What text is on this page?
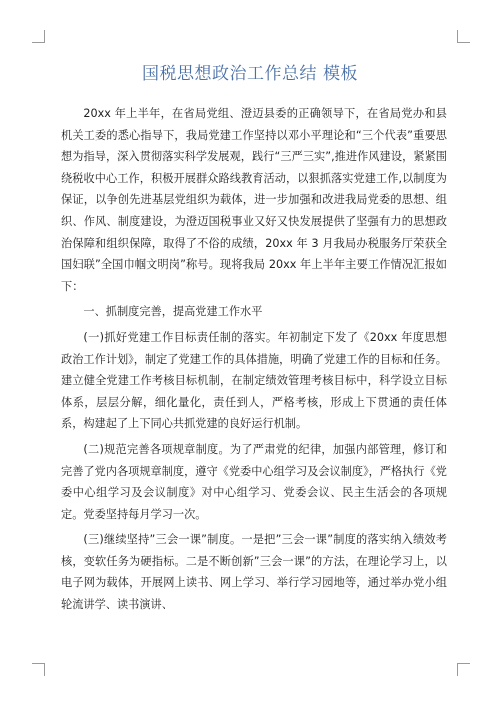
国税思想政治工作总结 模板

20xx 年上半年，在省局党组、澄迈县委的正确领导下，在省局党办和县机关工委的悉心指导下，我局党建工作坚持以邓小平理论和“三个代表”重要思想为指导，深入贯彻落实科学发展观，践行“三严三实”,推进作风建设，紧紧围绕税收中心工作，积极开展群众路线教育活动，以狠抓落实党建工作,以制度为保证，以争创先进基层党组织为载体，进一步加强和改进我局党委的思想、组织、作风、制度建设，为澄迈国税事业又好又快发展提供了坚强有力的思想政治保障和组织保障，取得了不俗的成绩，20xx 年 3 月我局办税服务厅荣获全国妇联”全国巾帼文明岗”称号。现将我局 20xx 年上半年主要工作情况汇报如下：

一、抓制度完善，提高党建工作水平

(一)抓好党建工作目标责任制的落实。年初制定下发了《20xx 年度思想政治工作计划》，制定了党建工作的具体措施，明确了党建工作的目标和任务。建立健全党建工作考核目标机制，在制定绩效管理考核目标中，科学设立目标体系，层层分解，细化量化，责任到人，严格考核，形成上下贯通的责任体系，构建起了上下同心共抓党建的良好运行机制。

(二)规范完善各项规章制度。为了严肃党的纪律，加强内部管理，修订和完善了党内各项规章制度，遵守《党委中心组学习及会议制度》，严格执行《党委中心组学习及会议制度》对中心组学习、党委会议、民主生活会的各项规定。党委坚持每月学习一次。

(三)继续坚持”三会一课”制度。一是把”三会一课”制度的落实纳入绩效考核，变软任务为硬指标。二是不断创新”三会一课”的方法，在理论学习上，以电子网为载体，开展网上读书、网上学习、举行学习园地等，通过举办党小组轮流讲学、读书演讲、
